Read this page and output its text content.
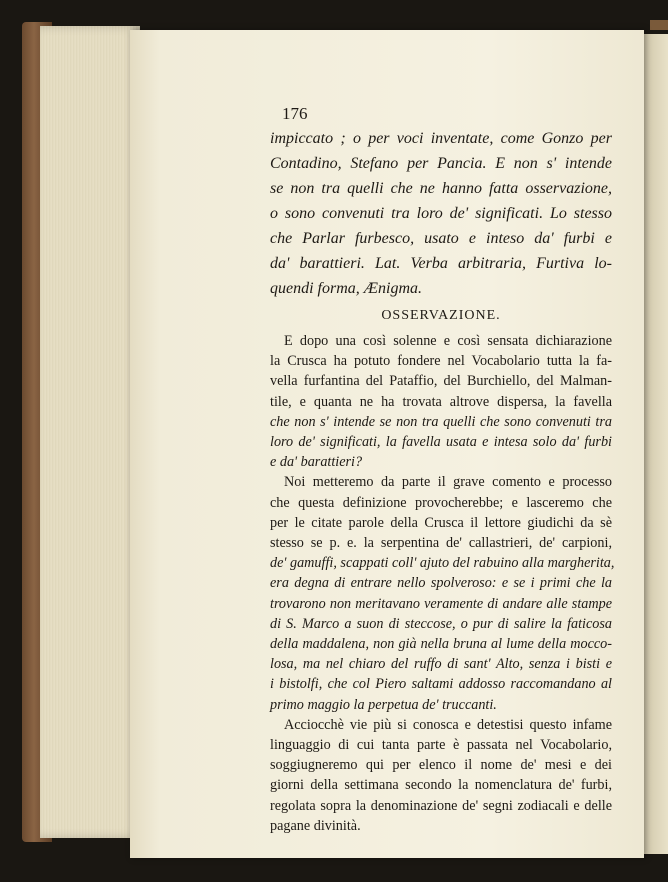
176
impiccato ; o per voci inventate, come Gonzo per
Contadino, Stefano per Pancia. E non s' intende
se non tra quelli che ne hanno fatta osservazione,
o sono convenuti tra loro de' significati. Lo stesso
che Parlar furbesco, usato e inteso da' furbi e
da' barattieri. Lat. Verba arbitraria, Furtiva lo-
quendi forma, Ænigma.
OSSERVAZIONE.
E dopo una così solenne e così sensata dichiarazione
la Crusca ha potuto fondere nel Vocabolario tutta la fa-
vella furfantina del Pataffio, del Burchiello, del Malman-
tile, e quanta ne ha trovata altrove dispersa, la favella
che non s' intende se non tra quelli che sono convenuti tra
loro de' significati, la favella usata e intesa solo da' furbi
e da' barattieri?
Noi metteremo da parte il grave comento e processo
che questa definizione provocherebbe; e lasceremo che
per le citate parole della Crusca il lettore giudichi da sè
stesso se p. e. la serpentina de' callastrieri, de' carpioni,
de' gamuffi, scappati coll' ajuto del rabuino alla margherita,
era degna di entrare nello spolveroso: e se i primi che la
trovarono non meritavano veramente di andare alle stampe
di S. Marco a suon di steccose, o pur di salire la faticosa
della maddalena, non già nella bruna al lume della mocco-
losa, ma nel chiaro del ruffo di sant' Alto, senza i bisti e
i bistolfi, che col Piero saltami addosso raccomandano al
primo maggio la perpetua de' truccanti.
Acciocchè vie più si conosca e detestisi questo infame
linguaggio di cui tanta parte è passata nel Vocabolario,
soggiugneremo qui per elenco il nome de' mesi e dei
giorni della settimana secondo la nomenclatura de' furbi,
regolata sopra la denominazione de' segni zodiacali e delle
pagane divinità.
